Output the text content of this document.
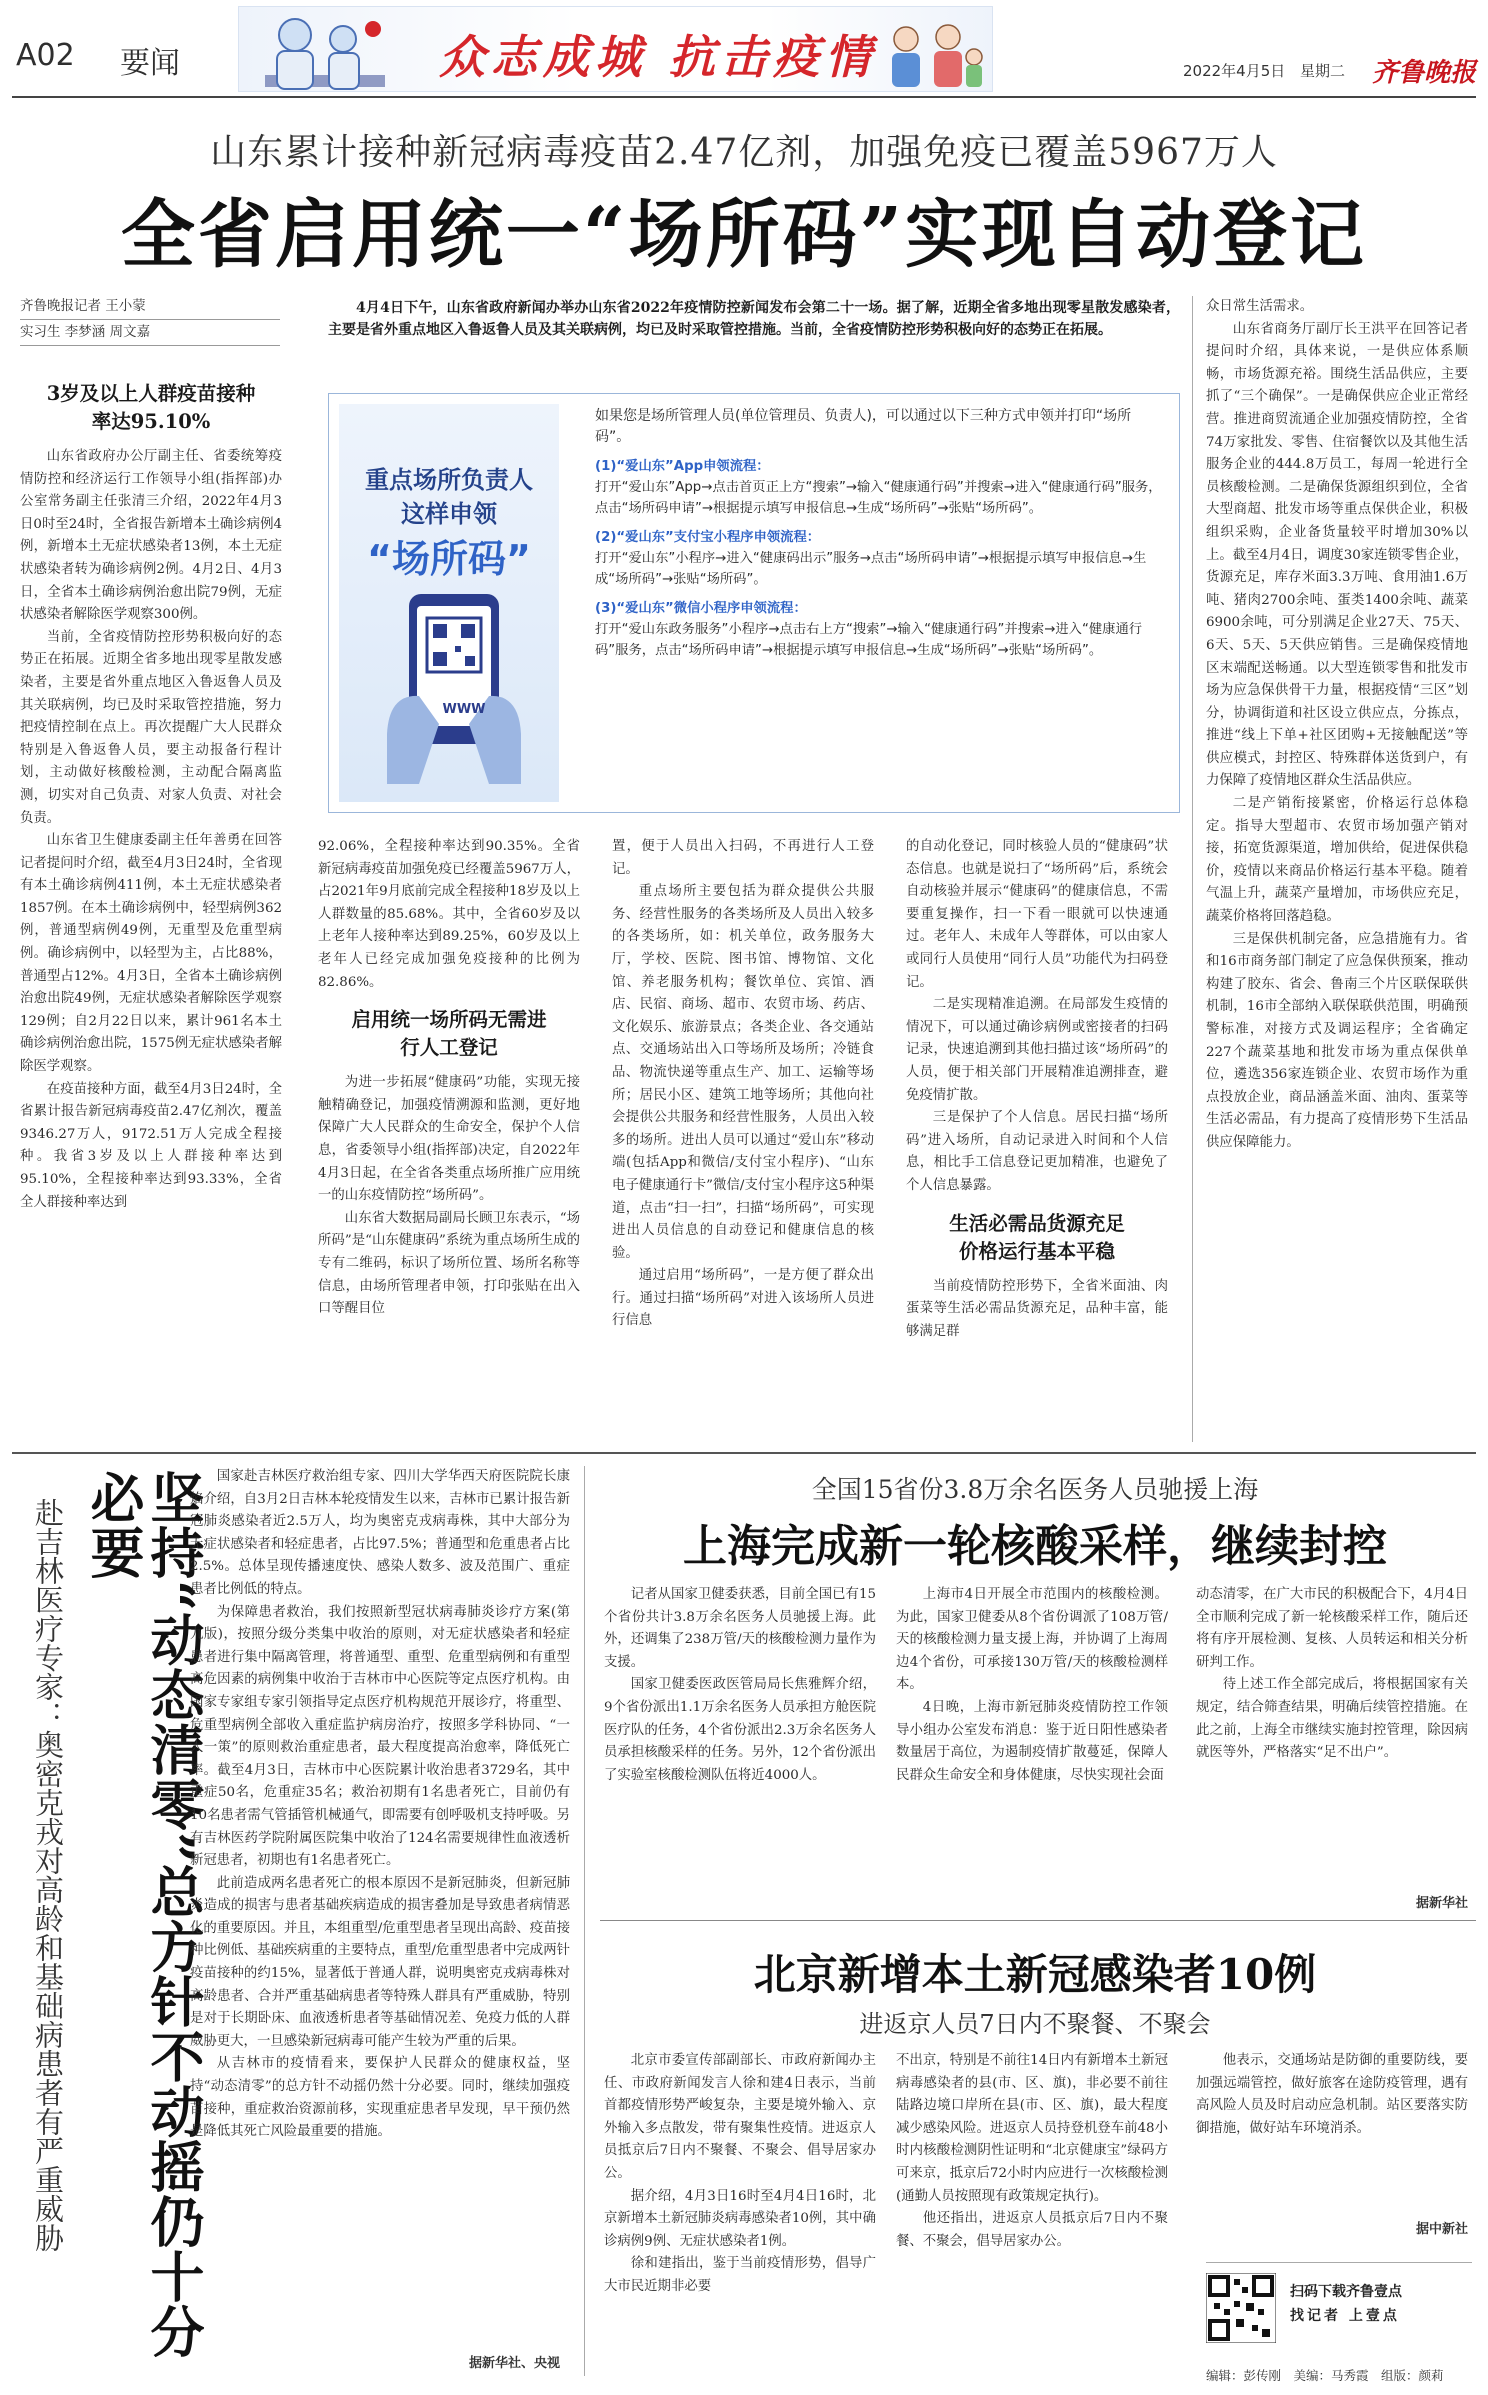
A02 要闻	众志成城 抗击疫情	2022年4月5日 星期二 齐鲁晚报
山东累计接种新冠病毒疫苗2.47亿剂，加强免疫已覆盖5967万人
全省启用统一“场所码”实现自动登记
齐鲁晚报记者 王小蒙
实习生 李梦涵 周文嘉
4月4日下午，山东省政府新闻办举办山东省2022年疫情防控新闻发布会第二十一场。据了解，近期全省多地出现零星散发感染者，主要是省外重点地区入鲁返鲁人员及其关联病例，均已及时采取管控措施。当前，全省疫情防控形势积极向好的态势正在拓展。
重点场所负责人
这样申领
“场所码”
WWW
如果您是场所管理人员(单位管理员、负责人)，可以通过以下三种方式申领并打印“场所码”。
(1)“爱山东”App申领流程：
打开“爱山东”App→点击首页正上方“搜索”→输入“健康通行码”并搜索→进入“健康通行码”服务，点击“场所码申请”→根据提示填写申报信息→生成“场所码”→张贴“场所码”。
(2)“爱山东”支付宝小程序申领流程：
打开“爱山东”小程序→进入“健康码出示”服务→点击“场所码申请”→根据提示填写申报信息→生成“场所码”→张贴“场所码”。
(3)“爱山东”微信小程序申领流程：
打开“爱山东政务服务”小程序→点击右上方“搜索”→输入“健康通行码”并搜索→进入“健康通行码”服务，点击“场所码申请”→根据提示填写申报信息→生成“场所码”→张贴“场所码”。
3岁及以上人群疫苗接种率达95.10%

山东省政府办公厅副主任、省委统筹疫情防控和经济运行工作领导小组(指挥部)办公室常务副主任张清三介绍，2022年4月3日0时至24时，全省报告新增本土确诊病例4例，新增本土无症状感染者13例，本土无症状感染者转为确诊病例2例。4月2日、4月3日，全省本土确诊病例治愈出院79例，无症状感染者解除医学观察300例。

当前，全省疫情防控形势积极向好的态势正在拓展。近期全省多地出现零星散发感染者，主要是省外重点地区入鲁返鲁人员及其关联病例，均已及时采取管控措施，努力把疫情控制在点上。再次提醒广大人民群众特别是入鲁返鲁人员，要主动报备行程计划，主动做好核酸检测，主动配合隔离监测，切实对自己负责、对家人负责、对社会负责。

山东省卫生健康委副主任年善勇在回答记者提问时介绍，截至4月3日24时，全省现有本土确诊病例411例，本土无症状感染者1857例。在本土确诊病例中，轻型病例362例，普通型病例49例，无重型及危重型病例。确诊病例中，以轻型为主，占比88%，普通型占12%。4月3日，全省本土确诊病例治愈出院49例，无症状感染者解除医学观察129例；自2月22日以来，累计961名本土确诊病例治愈出院，1575例无症状感染者解除医学观察。

在疫苗接种方面，截至4月3日24时，全省累计报告新冠病毒疫苗2.47亿剂次，覆盖9346.27万人，9172.51万人完成全程接种。我省3岁及以上人群接种率达到95.10%，全程接种率达到93.33%，全省全人群接种率达到

92.06%，全程接种率达到90.35%。全省新冠病毒疫苗加强免疫已经覆盖5967万人，占2021年9月底前完成全程接种18岁及以上人群数量的85.68%。其中，全省60岁及以上老年人接种率达到89.25%，60岁及以上老年人已经完成加强免疫接种的比例为82.86%。

启用统一场所码无需进行人工登记

为进一步拓展“健康码”功能，实现无接触精确登记，加强疫情溯源和监测，更好地保障广大人民群众的生命安全，保护个人信息，省委领导小组(指挥部)决定，自2022年4月3日起，在全省各类重点场所推广应用统一的山东疫情防控“场所码”。

山东省大数据局副局长顾卫东表示，“场所码”是“山东健康码”系统为重点场所生成的专有二维码，标识了场所位置、场所名称等信息，由场所管理者申领，打印张贴在出入口等醒目位

置，便于人员出入扫码，不再进行人工登记。

重点场所主要包括为群众提供公共服务、经营性服务的各类场所及人员出入较多的各类场所，如：机关单位，政务服务大厅，学校、医院、图书馆、博物馆、文化馆、养老服务机构；餐饮单位、宾馆、酒店、民宿、商场、超市、农贸市场、药店、文化娱乐、旅游景点；各类企业、各交通站点、交通场站出入口等场所及场所；冷链食品、物流快递等重点生产、加工、运输等场所；居民小区、建筑工地等场所；其他向社会提供公共服务和经营性服务，人员出入较多的场所。进出人员可以通过“爱山东”移动端(包括App和微信/支付宝小程序)、“山东电子健康通行卡”微信/支付宝小程序这5种渠道，点击“扫一扫”，扫描“场所码”，可实现进出人员信息的自动登记和健康信息的核验。

通过启用“场所码”，一是方便了群众出行。通过扫描“场所码”对进入该场所人员进行信息

的自动化登记，同时核验人员的“健康码”状态信息。也就是说扫了“场所码”后，系统会自动核验并展示“健康码”的健康信息，不需要重复操作，扫一下看一眼就可以快速通过。老年人、未成年人等群体，可以由家人或同行人员使用“同行人员”功能代为扫码登记。

二是实现精准追溯。在局部发生疫情的情况下，可以通过确诊病例或密接者的扫码记录，快速追溯到其他扫描过该“场所码”的人员，便于相关部门开展精准追溯排查，避免疫情扩散。

三是保护了个人信息。居民扫描“场所码”进入场所，自动记录进入时间和个人信息，相比手工信息登记更加精准，也避免了个人信息暴露。

生活必需品货源充足价格运行基本平稳

当前疫情防控形势下，全省米面油、肉蛋菜等生活必需品货源充足，品种丰富，能够满足群

众日常生活需求。

山东省商务厅副厅长王洪平在回答记者提问时介绍，具体来说，一是供应体系顺畅，市场货源充裕。围绕生活品供应，主要抓了“三个确保”。一是确保供应企业正常经营。推进商贸流通企业加强疫情防控，全省74万家批发、零售、住宿餐饮以及其他生活服务企业的444.8万员工，每周一轮进行全员核酸检测。二是确保货源组织到位，全省大型商超、批发市场等重点保供企业，积极组织采购，企业备货量较平时增加30%以上。截至4月4日，调度30家连锁零售企业，货源充足，库存米面3.3万吨、食用油1.6万吨、猪肉2700余吨、蛋类1400余吨、蔬菜6900余吨，可分别满足企业27天、75天、6天、5天、5天供应销售。三是确保疫情地区末端配送畅通。以大型连锁零售和批发市场为应急保供骨干力量，根据疫情“三区”划分，协调街道和社区设立供应点，分拣点，推进“线上下单+社区团购+无接触配送”等供应模式，封控区、特殊群体送货到户，有力保障了疫情地区群众生活品供应。

二是产销衔接紧密，价格运行总体稳定。指导大型超市、农贸市场加强产销对接，拓宽货源渠道，增加供给，促进保供稳价，疫情以来商品价格运行基本平稳。随着气温上升，蔬菜产量增加，市场供应充足，蔬菜价格将回落趋稳。

三是保供机制完备，应急措施有力。省和16市商务部门制定了应急保供预案，推动构建了胶东、省会、鲁南三个片区联保联供机制，16市全部纳入联保联供范围，明确预警标准，对接方式及调运程序；全省确定227个蔬菜基地和批发市场为重点保供单位，遴选356家连锁企业、农贸市场作为重点投放企业，商品涵盖米面、油肉、蛋菜等生活必需品，有力提高了疫情形势下生活品供应保障能力。

坚持“动态清零”总方针不动摇仍十分必要
赴吉林医疗专家：奥密克戎对高龄和基础病患者有严重威胁

国家赴吉林医疗救治组专家、四川大学华西天府医院院长康焰介绍，自3月2日吉林本轮疫情发生以来，吉林市已累计报告新冠肺炎感染者近2.5万人，均为奥密克戎病毒株，其中大部分为无症状感染者和轻症患者，占比97.5%；普通型和危重患者占比2.5%。总体呈现传播速度快、感染人数多、波及范围广、重症患者比例低的特点。

为保障患者救治，我们按照新型冠状病毒肺炎诊疗方案(第九版)，按照分级分类集中收治的原则，对无症状感染者和轻症患者进行集中隔离管理，将普通型、重型、危重型病例和有重型高危因素的病例集中收治于吉林市中心医院等定点医疗机构。由国家专家组专家引领指导定点医疗机构规范开展诊疗，将重型、危重型病例全部收入重症监护病房治疗，按照多学科协同、“一人一策”的原则救治重症患者，最大程度提高治愈率，降低死亡率。截至4月3日，吉林市中心医院累计收治患者3729名，其中重症50名，危重症35名；救治初期有1名患者死亡，目前仍有10名患者需气管插管机械通气，即需要有创呼吸机支持呼吸。另有吉林医药学院附属医院集中收治了124名需要规律性血液透析新冠患者，初期也有1名患者死亡。

此前造成两名患者死亡的根本原因不是新冠肺炎，但新冠肺炎造成的损害与患者基础疾病造成的损害叠加是导致患者病情恶化的重要原因。并且，本组重型/危重型患者呈现出高龄、疫苗接种比例低、基础疾病重的主要特点，重型/危重型患者中完成两针疫苗接种的约15%，显著低于普通人群，说明奥密克戎病毒株对高龄患者、合并严重基础病患者等特殊人群具有严重威胁，特别是对于长期卧床、血液透析患者等基础情况差、免疫力低的人群威胁更大，一旦感染新冠病毒可能产生较为严重的后果。

从吉林市的疫情看来，要保护人民群众的健康权益，坚持“动态清零”的总方针不动摇仍然十分必要。同时，继续加强疫苗接种，重症救治资源前移，实现重症患者早发现，早干预仍然是降低其死亡风险最重要的措施。

据新华社、央视
全国15省份3.8万余名医务人员驰援上海
上海完成新一轮核酸采样，继续封控

记者从国家卫健委获悉，目前全国已有15个省份共计3.8万余名医务人员驰援上海。此外，还调集了238万管/天的核酸检测力量作为支援。

国家卫健委医政医管局局长焦雅辉介绍，9个省份派出1.1万余名医务人员承担方舱医院医疗队的任务，4个省份派出2.3万余名医务人员承担核酸采样的任务。另外，12个省份派出了实验室核酸检测队伍将近4000人。

上海市4日开展全市范围内的核酸检测。为此，国家卫健委从8个省份调派了108万管/天的核酸检测力量支援上海，并协调了上海周边4个省份，可承接130万管/天的核酸检测样本。

4日晚，上海市新冠肺炎疫情防控工作领导小组办公室发布消息：鉴于近日阳性感染者数量居于高位，为遏制疫情扩散蔓延，保障人民群众生命安全和身体健康，尽快实现社会面

动态清零，在广大市民的积极配合下，4月4日全市顺利完成了新一轮核酸采样工作，随后还将有序开展检测、复核、人员转运和相关分析研判工作。

待上述工作全部完成后，将根据国家有关规定，结合筛查结果，明确后续管控措施。在此之前，上海全市继续实施封控管理，除因病就医等外，严格落实“足不出户”。

据新华社
北京新增本土新冠感染者10例
进返京人员7日内不聚餐、不聚会

北京市委宣传部副部长、市政府新闻办主任、市政府新闻发言人徐和建4日表示，当前首都疫情形势严峻复杂，主要是境外输入、京外输入多点散发，带有聚集性疫情。进返京人员抵京后7日内不聚餐、不聚会、倡导居家办公。

据介绍，4月3日16时至4月4日16时，北京新增本土新冠肺炎病毒感染者10例，其中确诊病例9例、无症状感染者1例。

徐和建指出，鉴于当前疫情形势，倡导广大市民近期非必要

不出京，特别是不前往14日内有新增本土新冠病毒感染者的县(市、区、旗)，非必要不前往陆路边境口岸所在县(市、区、旗)，最大程度减少感染风险。进返京人员持登机登车前48小时内核酸检测阴性证明和“北京健康宝”绿码方可来京，抵京后72小时内应进行一次核酸检测(通勤人员按照现有政策规定执行)。

他还指出，进返京人员抵京后7日内不聚餐、不聚会，倡导居家办公。

他表示，交通场站是防御的重要防线，要加强远端管控，做好旅客在途防疫管理，遇有高风险人员及时启动应急机制。站区要落实防御措施，做好站车环境消杀。

据中新社
扫码下载齐鲁壹点
找记者 上壹点
编辑：彭传刚　美编：马秀霞　组版：颜莉
